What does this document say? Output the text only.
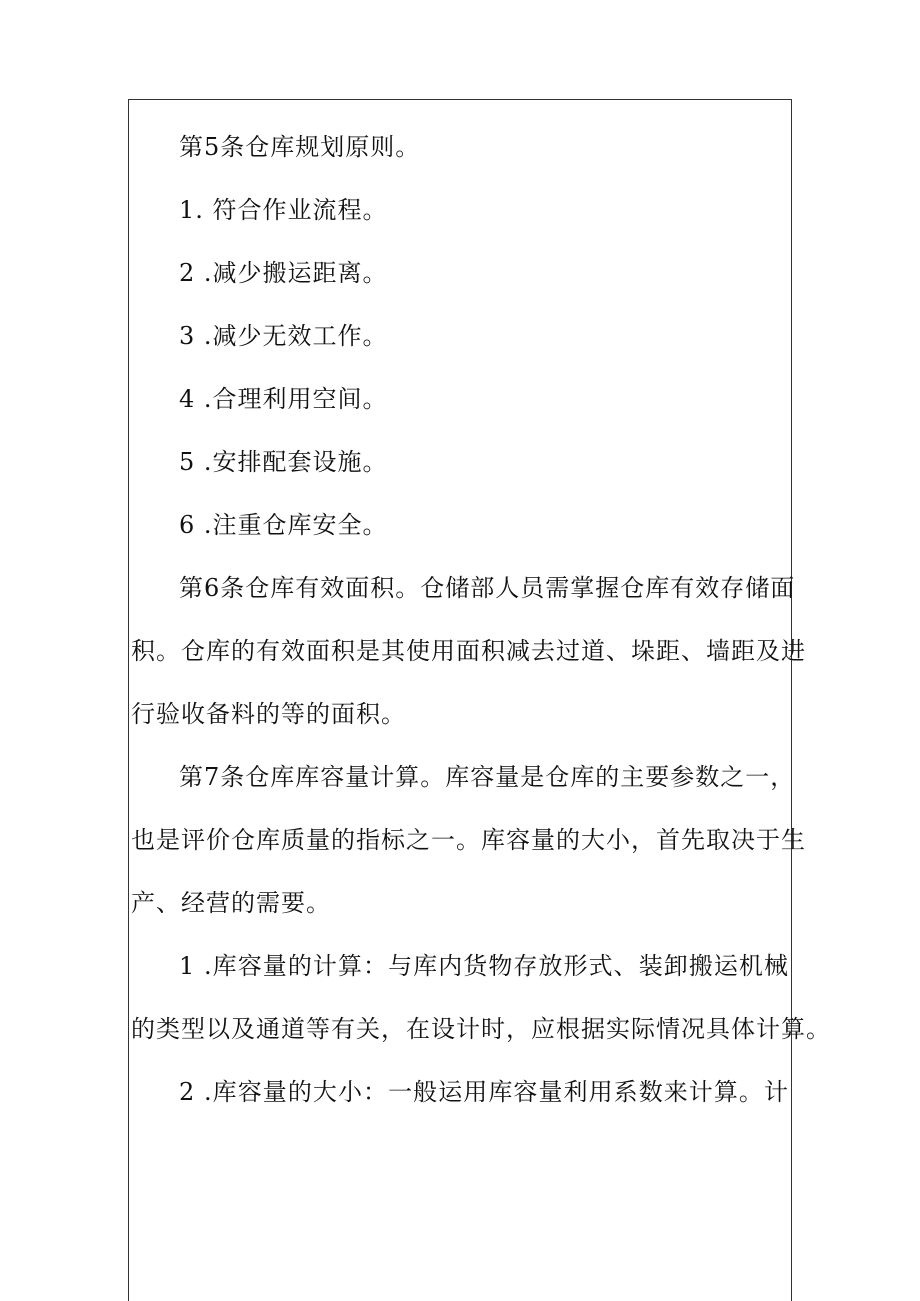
第5条仓库规划原则。
1. 符合作业流程。
2 .减少搬运距离。
3 .减少无效工作。
4 .合理利用空间。
5 .安排配套设施。
6 .注重仓库安全。
第6条仓库有效面积。仓储部人员需掌握仓库有效存储面
积。仓库的有效面积是其使用面积减去过道、垛距、墙距及进
行验收备料的等的面积。
第7条仓库库容量计算。库容量是仓库的主要参数之一，
也是评价仓库质量的指标之一。库容量的大小，首先取决于生
产、经营的需要。
1 .库容量的计算：与库内货物存放形式、装卸搬运机械
的类型以及通道等有关，在设计时，应根据实际情况具体计算。
2 .库容量的大小：一般运用库容量利用系数来计算。计
